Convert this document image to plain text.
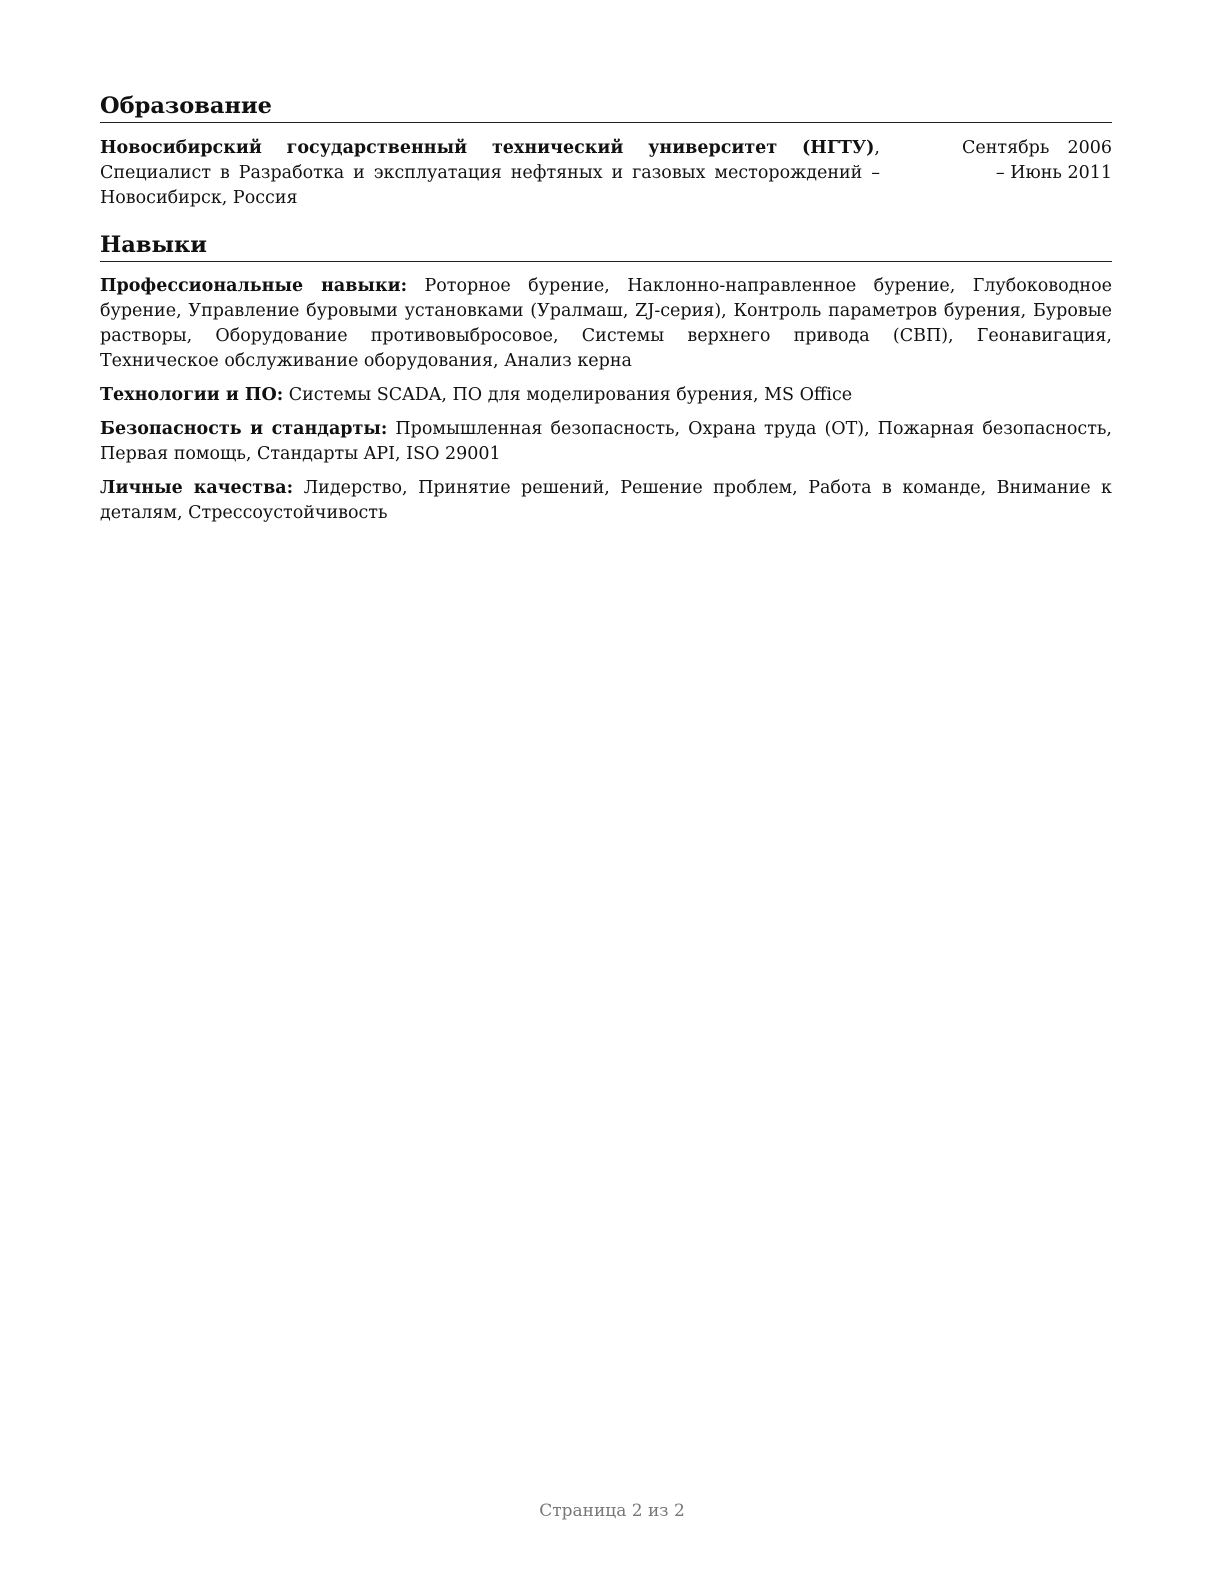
Образование
Новосибирский государственный технический университет (НГТУ), Специалист в Разработка и эксплуатация нефтяных и газовых месторождений – Новосибирск, Россия
Сентябрь 2006 – Июнь 2011
Навыки

Профессиональные навыки: Роторное бурение, Наклонно-направленное бурение, Глубоководное бурение, Управление буровыми установками (Уралмаш, ZJ-серия), Контроль параметров бурения, Буровые растворы, Оборудование противовыбросовое, Системы верхнего привода (СВП), Геонавигация, Техническое обслуживание оборудования, Анализ керна

Технологии и ПО: Системы SCADA, ПО для моделирования бурения, MS Office

Безопасность и стандарты: Промышленная безопасность, Охрана труда (ОТ), Пожарная безопасность, Первая помощь, Стандарты API, ISO 29001

Личные качества: Лидерство, Принятие решений, Решение проблем, Работа в команде, Внимание к деталям, Стрессоустойчивость

Страница 2 из 2
